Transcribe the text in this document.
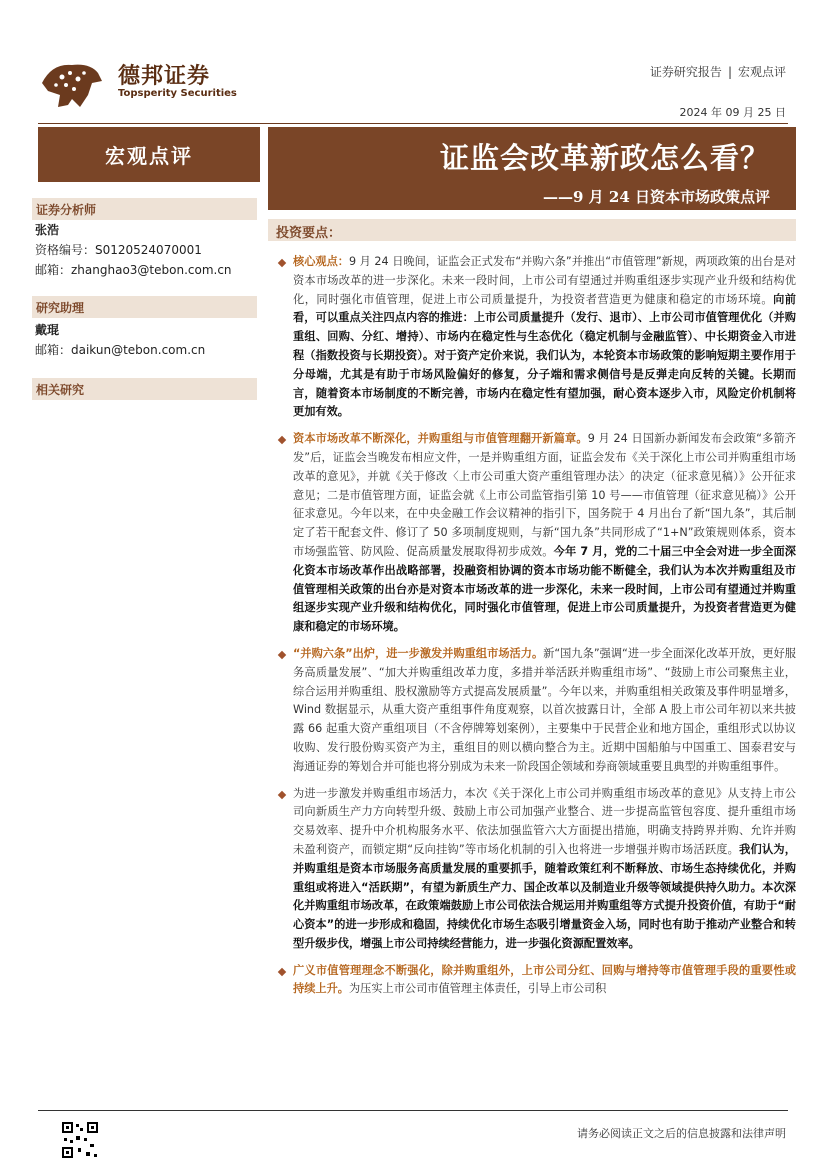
德邦证券
Topsperity Securities
证券研究报告 | 宏观点评
2024 年 09 月 25 日
宏观点评	证监会改革新政怎么看？
——9 月 24 日资本市场政策点评
证券分析师
张浩
资格编号：S0120524070001
邮箱：zhanghao3@tebon.com.cn
研究助理
戴琨
邮箱：daikun@tebon.com.cn
相关研究
投资要点：
核心观点：9 月 24 日晚间，证监会正式发布“并购六条”并推出“市值管理”新规，两项政策的出台是对资本市场改革的进一步深化。未来一段时间，上市公司有望通过并购重组逐步实现产业升级和结构优化，同时强化市值管理，促进上市公司质量提升，为投资者营造更为健康和稳定的市场环境。向前看，可以重点关注四点内容的推进：上市公司质量提升（发行、退市）、上市公司市值管理优化（并购重组、回购、分红、增持）、市场内在稳定性与生态优化（稳定机制与金融监管）、中长期资金入市进程（指数投资与长期投资）。对于资产定价来说，我们认为，本轮资本市场政策的影响短期主要作用于分母端，尤其是有助于市场风险偏好的修复，分子端和需求侧信号是反弹走向反转的关键。长期而言，随着资本市场制度的不断完善，市场内在稳定性有望加强，耐心资本逐步入市，风险定价机制将更加有效。
资本市场改革不断深化，并购重组与市值管理翻开新篇章。9 月 24 日国新办新闻发布会政策“多箭齐发”后，证监会当晚发布相应文件，一是并购重组方面，证监会发布《关于深化上市公司并购重组市场改革的意见》，并就《关于修改〈上市公司重大资产重组管理办法〉的决定（征求意见稿）》公开征求意见；二是市值管理方面，证监会就《上市公司监管指引第 10 号——市值管理（征求意见稿）》公开征求意见。今年以来，在中央金融工作会议精神的指引下，国务院于 4 月出台了新“国九条”，其后制定了若干配套文件、修订了 50 多项制度规则，与新“国九条”共同形成了“1+N”政策规则体系，资本市场强监管、防风险、促高质量发展取得初步成效。今年 7 月，党的二十届三中全会对进一步全面深化资本市场改革作出战略部署，投融资相协调的资本市场功能不断健全，我们认为本次并购重组及市值管理相关政策的出台亦是对资本市场改革的进一步深化，未来一段时间，上市公司有望通过并购重组逐步实现产业升级和结构优化，同时强化市值管理，促进上市公司质量提升，为投资者营造更为健康和稳定的市场环境。
“并购六条”出炉，进一步激发并购重组市场活力。新“国九条”强调“进一步全面深化改革开放，更好服务高质量发展”、“加大并购重组改革力度，多措并举活跃并购重组市场”、“鼓励上市公司聚焦主业，综合运用并购重组、股权激励等方式提高发展质量”。今年以来，并购重组相关政策及事件明显增多，Wind 数据显示，从重大资产重组事件角度观察，以首次披露日计，全部 A 股上市公司年初以来共披露 66 起重大资产重组项目（不含停牌筹划案例），主要集中于民营企业和地方国企，重组形式以协议收购、发行股份购买资产为主，重组目的则以横向整合为主。近期中国船舶与中国重工、国泰君安与海通证券的筹划合并可能也将分别成为未来一阶段国企领域和券商领域重要且典型的并购重组事件。
为进一步激发并购重组市场活力，本次《关于深化上市公司并购重组市场改革的意见》从支持上市公司向新质生产力方向转型升级、鼓励上市公司加强产业整合、进一步提高监管包容度、提升重组市场交易效率、提升中介机构服务水平、依法加强监管六大方面提出措施，明确支持跨界并购、允许并购未盈利资产，而锁定期“反向挂钩”等市场化机制的引入也将进一步增强并购市场活跃度。我们认为，并购重组是资本市场服务高质量发展的重要抓手，随着政策红利不断释放、市场生态持续优化，并购重组或将进入“活跃期”，有望为新质生产力、国企改革以及制造业升级等领域提供持久助力。本次深化并购重组市场改革，在政策端鼓励上市公司依法合规运用并购重组等方式提升投资价值，有助于“耐心资本”的进一步形成和稳固，持续优化市场生态吸引增量资金入场，同时也有助于推动产业整合和转型升级步伐，增强上市公司持续经营能力，进一步强化资源配置效率。
广义市值管理理念不断强化，除并购重组外，上市公司分红、回购与增持等市值管理手段的重要性或持续上升。为压实上市公司市值管理主体责任，引导上市公司积
请务必阅读正文之后的信息披露和法律声明
